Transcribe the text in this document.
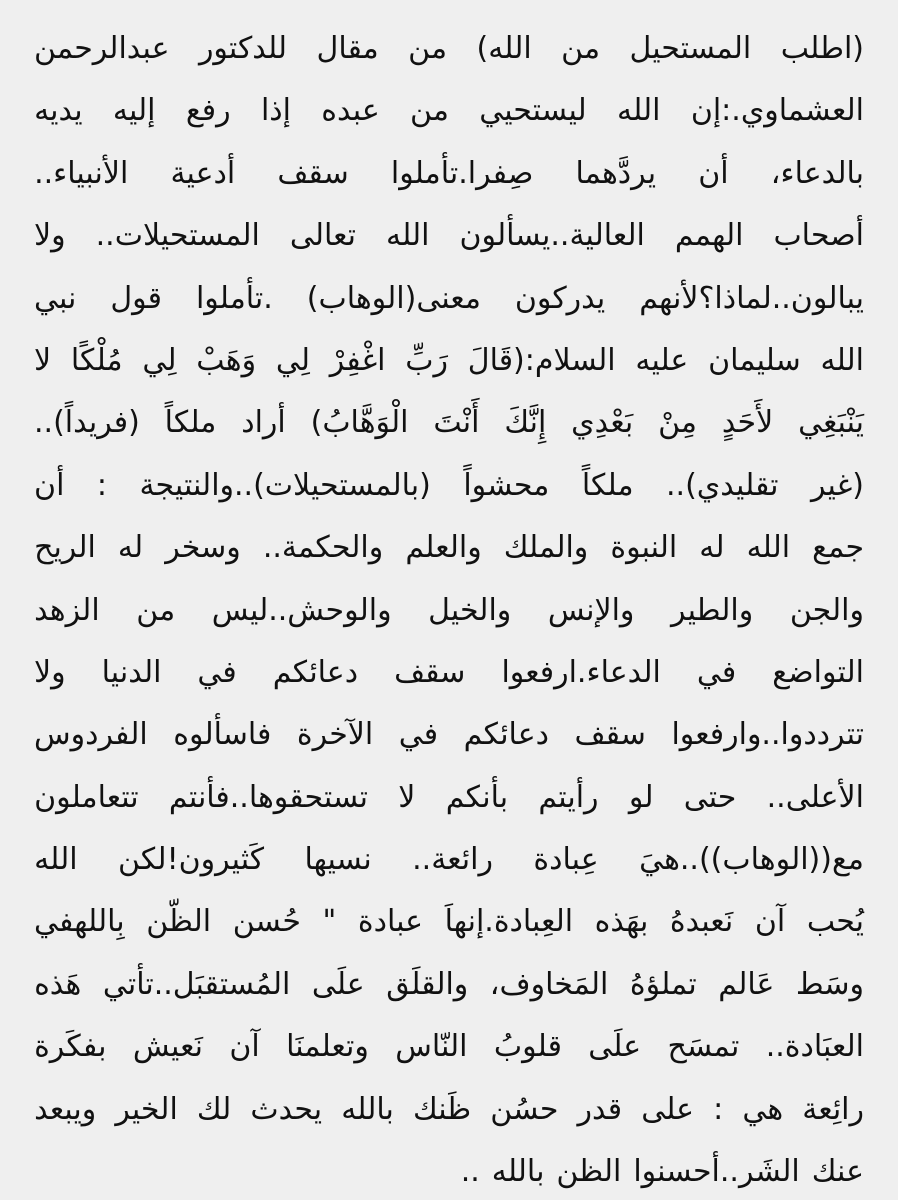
(اطلب
المستحيل
من
الله)
من
مقال
للدكتور
عبدالرحمن
العشماوي.:إن
الله
ليستحيي
من
عبده
إذا
رفع
إليه
يديه
بالدعاء،
أن
يردَّهما
صِفرا.تأملوا
سقف
أدعية
الأنبياء..
أصحاب
الهمم
العالية..يسألون
الله
تعالى
المستحيلات..
ولا
يبالون..لماذا؟لأنهم
يدركون
معنى(الوهاب)
.تأملوا
قول
نبي
الله
سليمان
عليه
السلام:(قَالَ
رَبِّ
اغْفِرْ
لِي
وَهَبْ
لِي
مُلْكًا
لا
يَنْبَغِي
لأَحَدٍ
مِنْ
بَعْدِي
إِنَّكَ
أَنْتَ
الْوَهَّابُ)
أراد
ملكاً
(فريداً)..
(غير
تقليدي)..
ملكاً
محشواً
(بالمستحيلات)..والنتيجة
:
أن
جمع
الله
له
النبوة
والملك
والعلم
والحكمة..
وسخر
له
الريح
والجن
والطير
والإنس
والخيل
والوحش..ليس
من
الزهد
التواضع
في
الدعاء.ارفعوا
سقف
دعائكم
في
الدنيا
ولا
تترددوا..وارفعوا
سقف
دعائكم
في
الآخرة
فاسألوه
الفردوس
الأعلى..
حتى
لو
رأيتم
بأنكم
لا
تستحقوها..فأنتم
تتعاملون
مع((الوهاب))..هيَ
عِبادة
رائعة..
نسيها
كَثيرون!لكن
الله
يُحب
آن
نَعبدهُ
بهَذه
العِبادة.إنهاَ
عبادة
"
حُسن
الظّن
بِاللهفي
وسَط
عَالم
تملؤهُ
المَخاوف،
والقلَق
علَى
المُستقبَل..تأتي
هَذه
العبَادة..
تمسَح
علَى
قلوبُ
النّاس
وتعلمنَا
آن
نَعيش
بفكَرة
رائِعة
هي
:
على
قدر
حسُن
ظَنك
بالله
يحدث
لك
الخير
ويبعد
عنك
الشَر..أحسنوا
الظن
بالله
..
